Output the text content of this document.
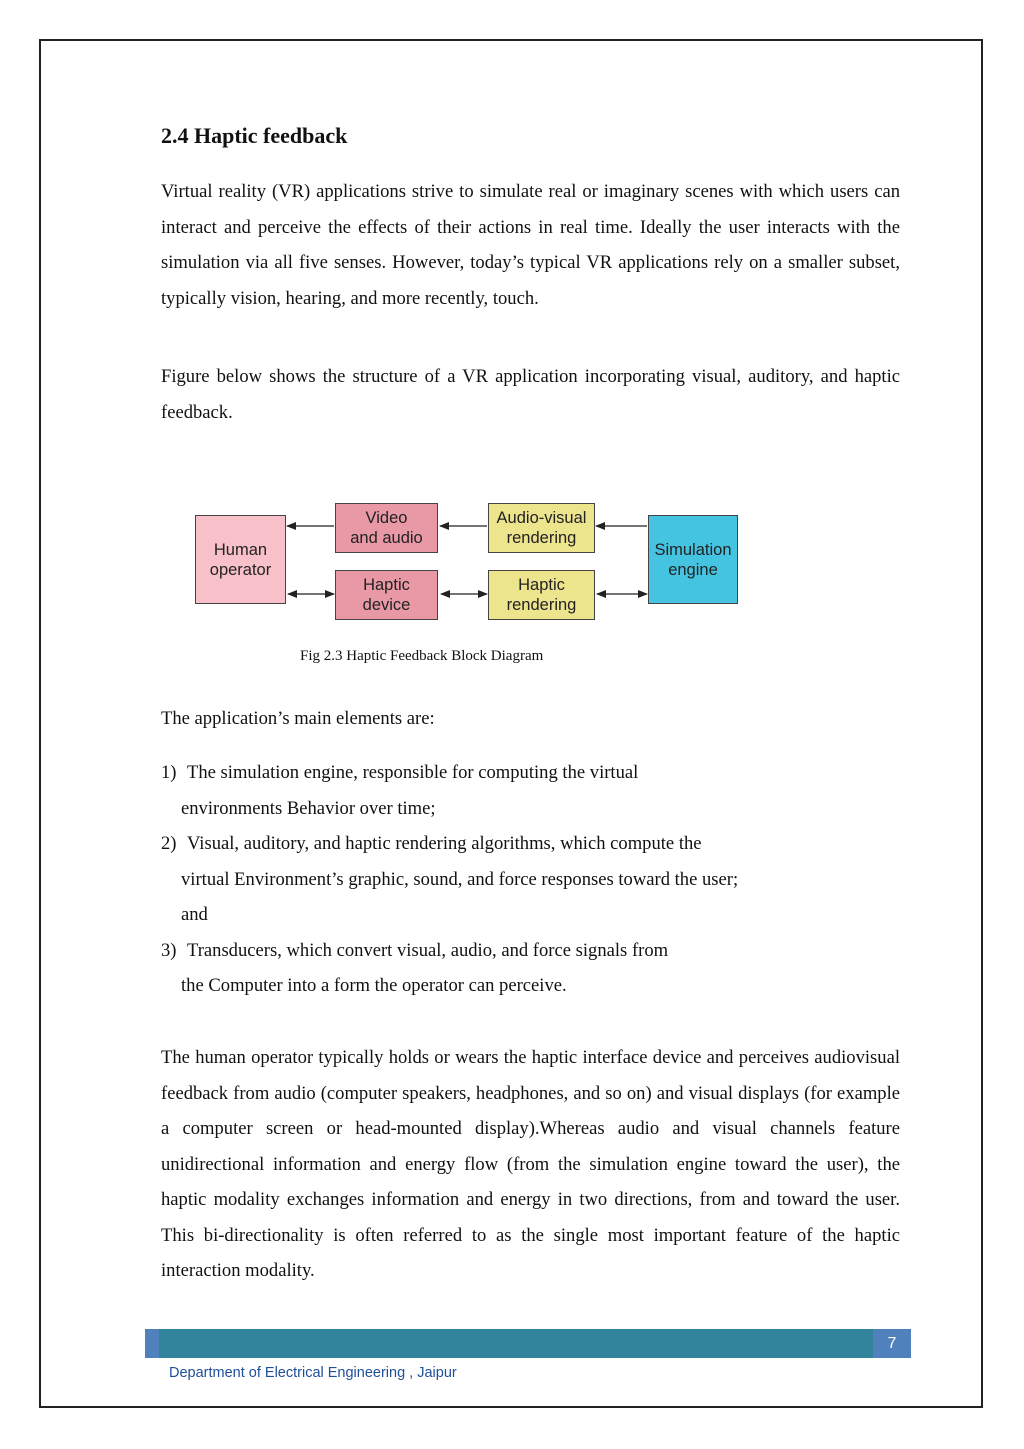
2.4 Haptic feedback

Virtual reality (VR) applications strive to simulate real or imaginary scenes with which users can interact and perceive the effects of their actions in real time. Ideally the user interacts with the simulation via all five senses. However, today’s typical VR applications rely on a smaller subset, typically vision, hearing, and more recently, touch.

Figure below shows the structure of a VR application incorporating visual, auditory, and haptic feedback.

Human
operator
Video
and audio
Audio-visual
rendering
Simulation
engine
Haptic
device
Haptic
rendering
Fig 2.3 Haptic Feedback Block Diagram

The application’s main elements are:

1) The simulation engine, responsible for computing the virtual
environments Behavior over time;
2) Visual, auditory, and haptic rendering algorithms, which compute the
virtual Environment’s graphic, sound, and force responses toward the user;
and
3) Transducers, which convert visual, audio, and force signals from
the Computer into a form the operator can perceive.

The human operator typically holds or wears the haptic interface device and perceives audiovisual feedback from audio (computer speakers, headphones, and so on) and visual displays (for example a computer screen or head-mounted display).Whereas audio and visual channels feature unidirectional information and energy flow (from the simulation engine toward the user), the haptic modality exchanges information and energy in two directions, from and toward the user. This bi-directionality is often referred to as the single most important feature of the haptic interaction modality.

7
Department of Electrical Engineering , Jaipur
